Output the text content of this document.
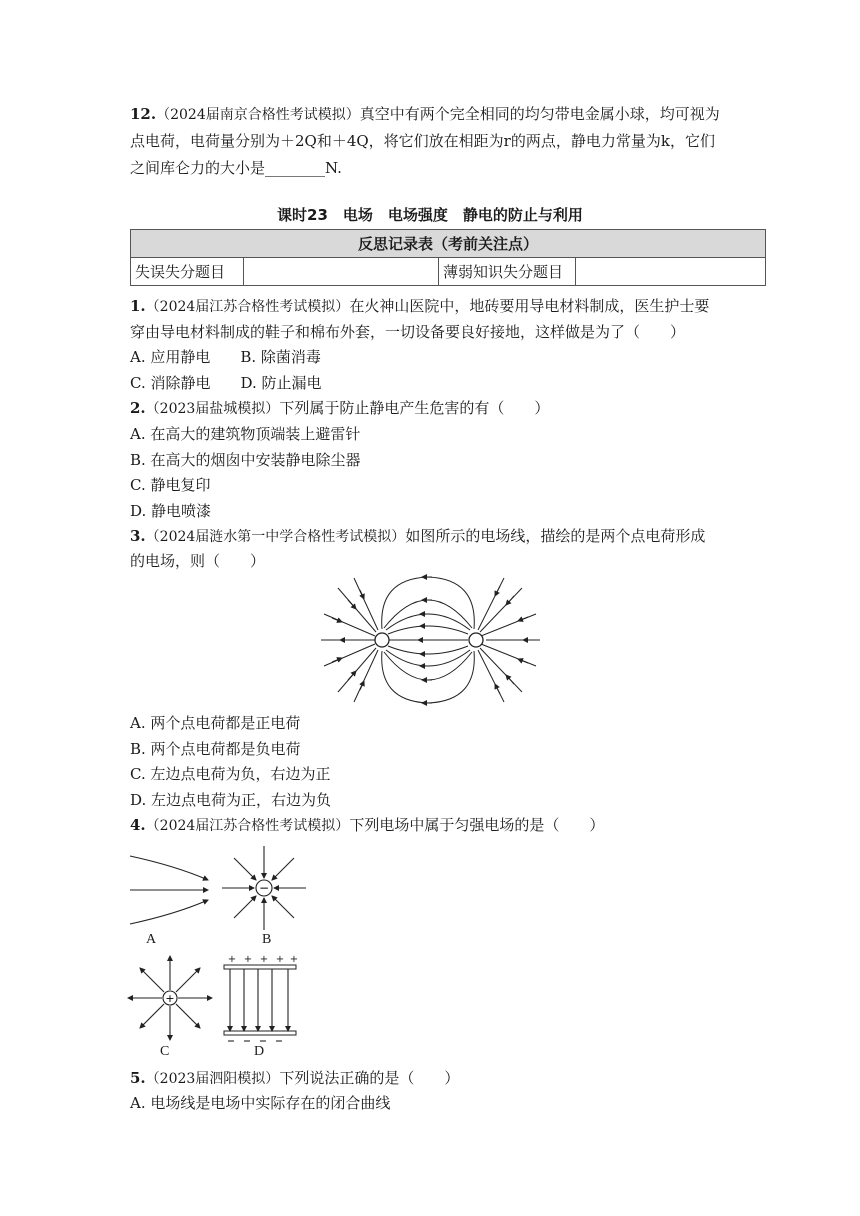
12.（2024届南京合格性考试模拟）真空中有两个完全相同的均匀带电金属小球，均可视为
点电荷，电荷量分别为＋2Q和＋4Q，将它们放在相距为r的两点，静电力常量为k，它们
之间库仑力的大小是________N.
课时23　电场　电场强度　静电的防止与利用
反思记录表（考前关注点）
失误失分题目		薄弱知识失分题目	
1.（2024届江苏合格性考试模拟）在火神山医院中，地砖要用导电材料制成，医生护士要
穿由导电材料制成的鞋子和棉布外套，一切设备要良好接地，这样做是为了（　　）
A. 应用静电　　B. 除菌消毒
C. 消除静电　　D. 防止漏电
2.（2023届盐城模拟）下列属于防止静电产生危害的有（　　）
A. 在高大的建筑物顶端装上避雷针
B. 在高大的烟囱中安装静电除尘器
C. 静电复印
D. 静电喷漆
3.（2024届涟水第一中学合格性考试模拟）如图所示的电场线，描绘的是两个点电荷形成
的电场，则（　　）
A. 两个点电荷都是正电荷
B. 两个点电荷都是负电荷
C. 左边点电荷为负，右边为正
D. 左边点电荷为正，右边为负
4.（2024届江苏合格性考试模拟）下列电场中属于匀强电场的是（　　）
A
−
B
+
C
+ + + + +
D
5.（2023届泗阳模拟）下列说法正确的是（　　）
A. 电场线是电场中实际存在的闭合曲线
